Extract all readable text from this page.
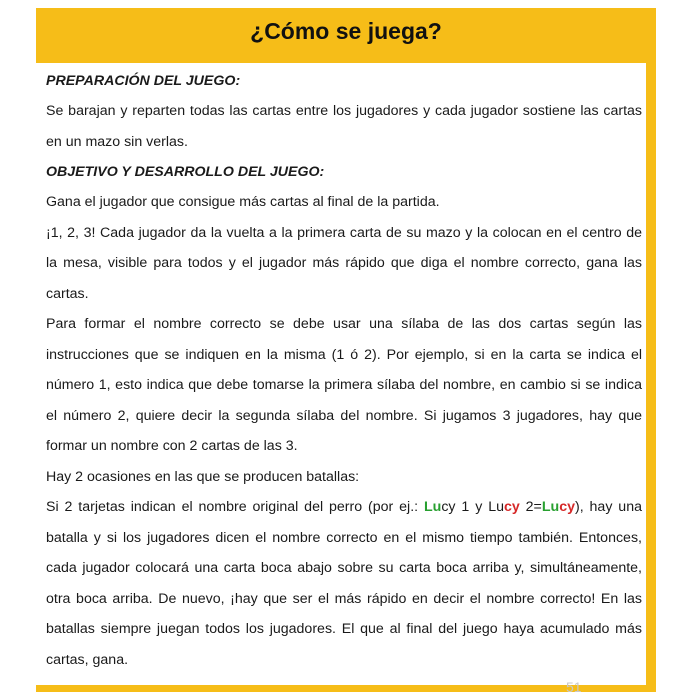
¿Cómo se juega?

PREPARACIÓN DEL JUEGO:

Se barajan y reparten todas las cartas entre los jugadores y cada jugador sostiene las cartas en un mazo sin verlas.

OBJETIVO Y DESARROLLO DEL JUEGO:

Gana el jugador que consigue más cartas al final de la partida.

¡1, 2, 3! Cada jugador da la vuelta a la primera carta de su mazo y la colocan en el centro de la mesa, visible para todos y el jugador más rápido que diga el nombre correcto, gana las cartas.

Para formar el nombre correcto se debe usar una sílaba de las dos cartas según las instrucciones que se indiquen en la misma (1 ó 2). Por ejemplo, si en la carta se indica el número 1, esto indica que debe tomarse la primera sílaba del nombre, en cambio si se indica el número 2, quiere decir la segunda sílaba del nombre. Si jugamos 3 jugadores, hay que formar un nombre con 2 cartas de las 3.

Hay 2 ocasiones en las que se producen batallas:

Si 2 tarjetas indican el nombre original del perro (por ej.: Lucy 1 y Lucy 2=Lucy), hay una batalla y si los jugadores dicen el nombre correcto en el mismo tiempo también. Entonces, cada jugador colocará una carta boca abajo sobre su carta boca arriba y, simultáneamente, otra boca arriba. De nuevo, ¡hay que ser el más rápido en decir el nombre correcto! En las batallas siempre juegan todos los jugadores. El que al final del juego haya acumulado más cartas, gana.

51
